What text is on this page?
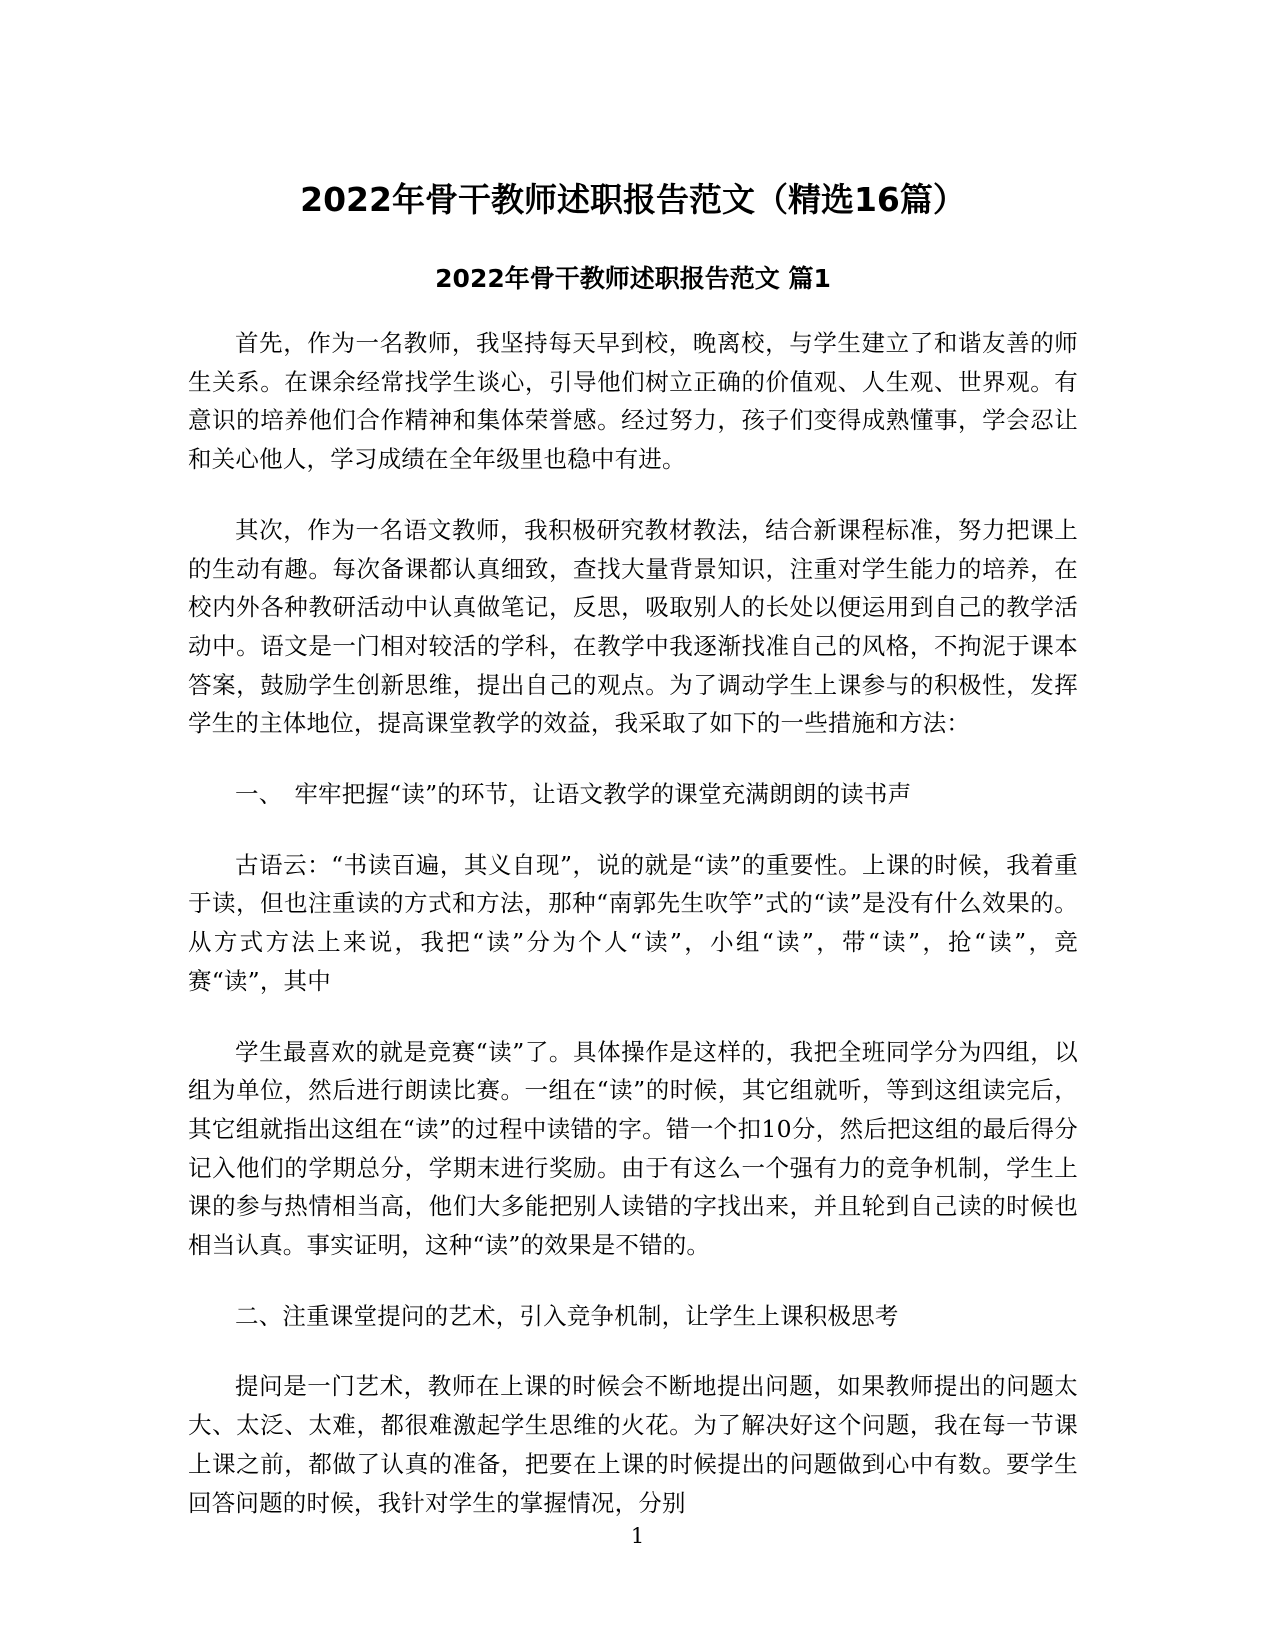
2022年骨干教师述职报告范文（精选16篇）
2022年骨干教师述职报告范文 篇1

首先，作为一名教师，我坚持每天早到校，晚离校，与学生建立了和谐友善的师生关系。在课余经常找学生谈心，引导他们树立正确的价值观、人生观、世界观。有意识的培养他们合作精神和集体荣誉感。经过努力，孩子们变得成熟懂事，学会忍让和关心他人，学习成绩在全年级里也稳中有进。

其次，作为一名语文教师，我积极研究教材教法，结合新课程标准，努力把课上的生动有趣。每次备课都认真细致，查找大量背景知识，注重对学生能力的培养，在校内外各种教研活动中认真做笔记，反思，吸取别人的长处以便运用到自己的教学活动中。语文是一门相对较活的学科，在教学中我逐渐找准自己的风格，不拘泥于课本答案，鼓励学生创新思维，提出自己的观点。为了调动学生上课参与的积极性，发挥学生的主体地位，提高课堂教学的效益，我采取了如下的一些措施和方法：

一、　牢牢把握“读”的环节，让语文教学的课堂充满朗朗的读书声

古语云：“书读百遍，其义自现”，说的就是“读”的重要性。上课的时候，我着重于读，但也注重读的方式和方法，那种“南郭先生吹竽”式的“读”是没有什么效果的。从方式方法上来说，我把“读”分为个人“读”，小组“读”，带“读”，抢“读”，竞赛“读”，其中

学生最喜欢的就是竞赛“读”了。具体操作是这样的，我把全班同学分为四组，以组为单位，然后进行朗读比赛。一组在“读”的时候，其它组就听，等到这组读完后，其它组就指出这组在“读”的过程中读错的字。错一个扣10分，然后把这组的最后得分记入他们的学期总分，学期末进行奖励。由于有这么一个强有力的竞争机制，学生上课的参与热情相当高，他们大多能把别人读错的字找出来，并且轮到自己读的时候也相当认真。事实证明，这种“读”的效果是不错的。

二、注重课堂提问的艺术，引入竞争机制，让学生上课积极思考

提问是一门艺术，教师在上课的时候会不断地提出问题，如果教师提出的问题太大、太泛、太难，都很难激起学生思维的火花。为了解决好这个问题，我在每一节课上课之前，都做了认真的准备，把要在上课的时候提出的问题做到心中有数。要学生回答问题的时候，我针对学生的掌握情况，分别

1
